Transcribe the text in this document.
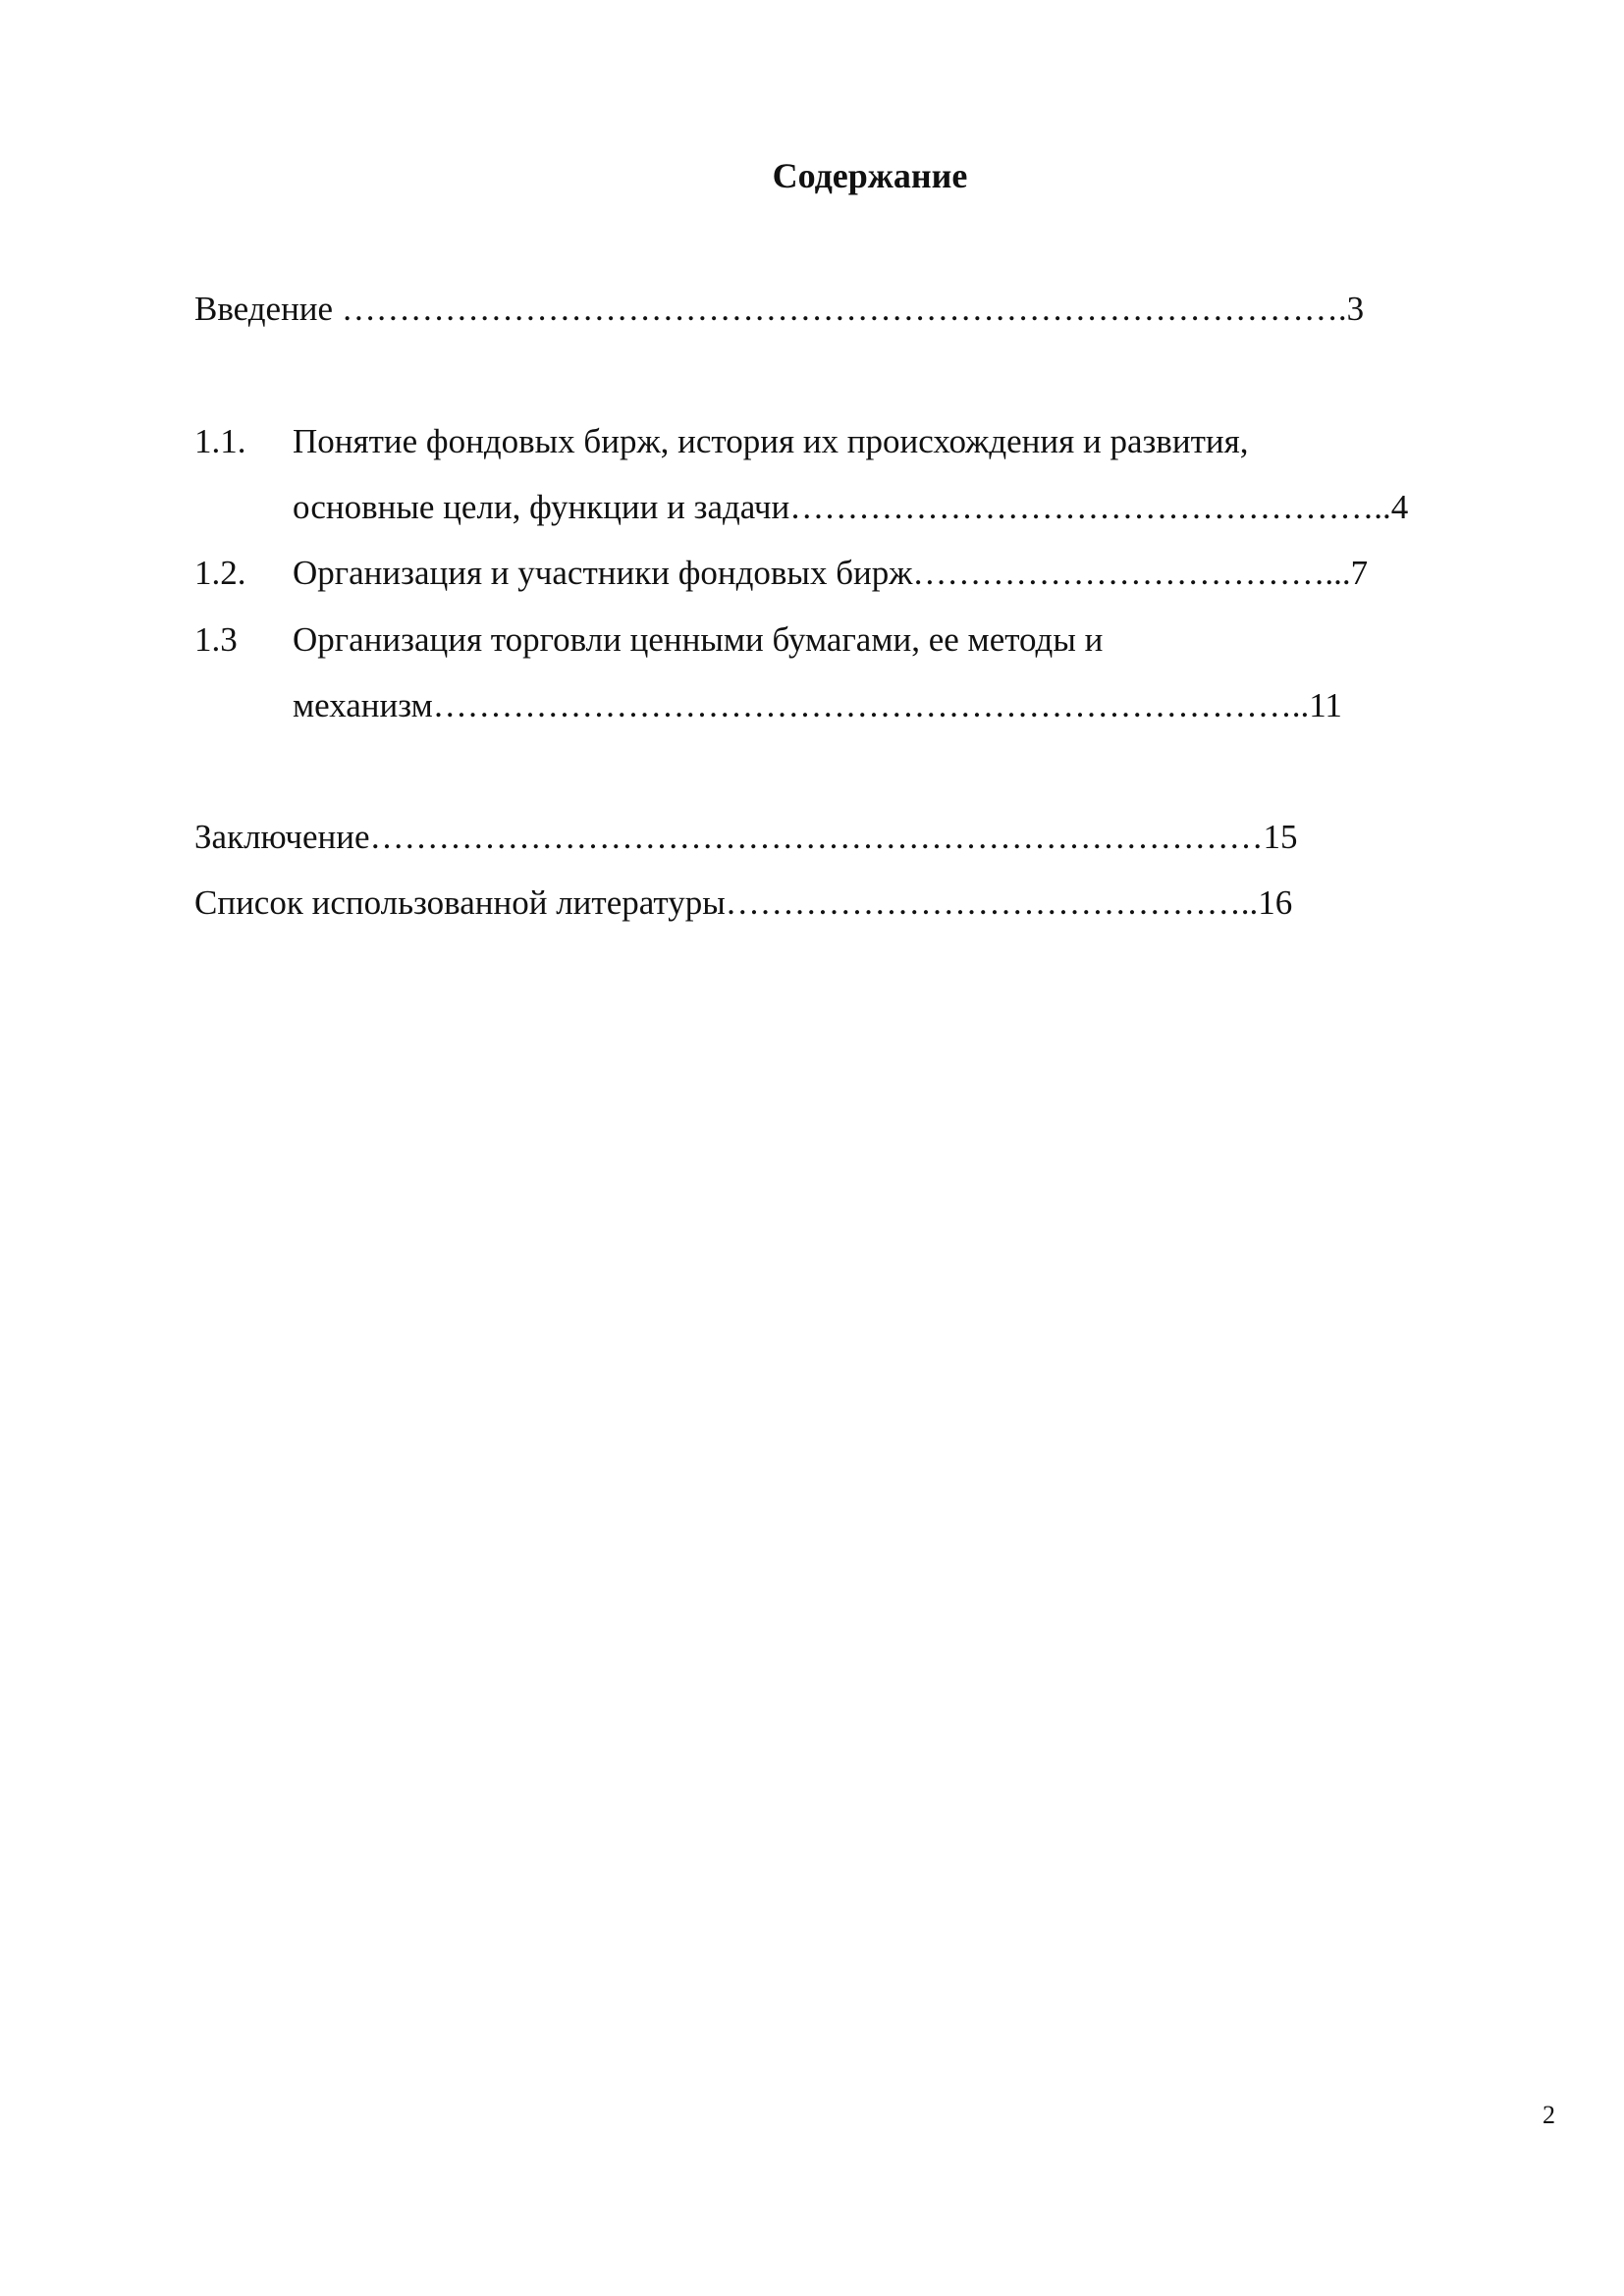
Содержание
Введение …………………………………………………………………………….3
1.1. Понятие фондовых бирж, история их происхождения и развития,
основные цели, функции и задачи……………………………………………..4
1.2. Организация и участники фондовых бирж………………………………...7
1.3 Организация торговли ценными бумагами, ее методы и
механизм…………………………………………………………………..11
Заключение……………………………………………………………………15
Список использованной литературы………………………………………..16
2
